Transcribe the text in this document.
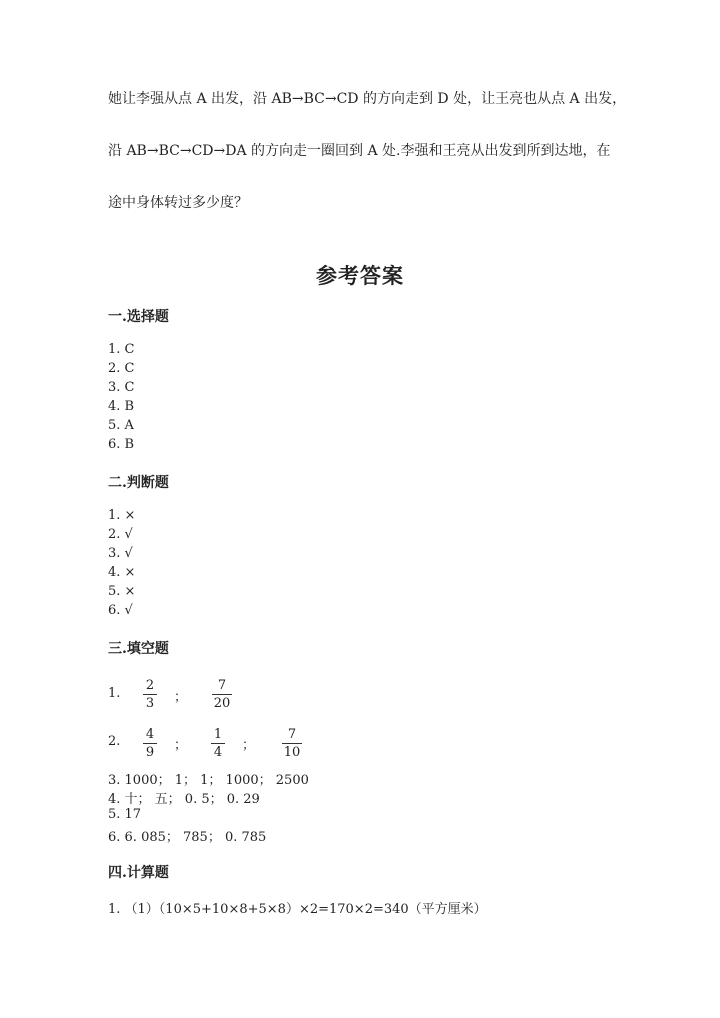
她让李强从点 A 出发，沿 AB→BC→CD 的方向走到 D 处，让王亮也从点 A 出发，
沿 AB→BC→CD→DA 的方向走一圈回到 A 处.李强和王亮从出发到所到达地，在
途中身体转过多少度？
参考答案
一.选择题
1. C
2. C
3. C
4. B
5. A
6. B
二.判断题
1. ×
2. √
3. √
4. ×
5. ×
6. √
三.填空题
1.
2
3 ；
7
20
2. 4
9 ；
1
4 ；
7
10
3. 1000； 1； 1； 1000； 2500
4. 十； 五； 0. 5； 0. 29
5. 17
6. 6. 085； 785； 0. 785
四.计算题
1. （1）（10×5+10×8+5×8）×2=170×2=340（平方厘米）
